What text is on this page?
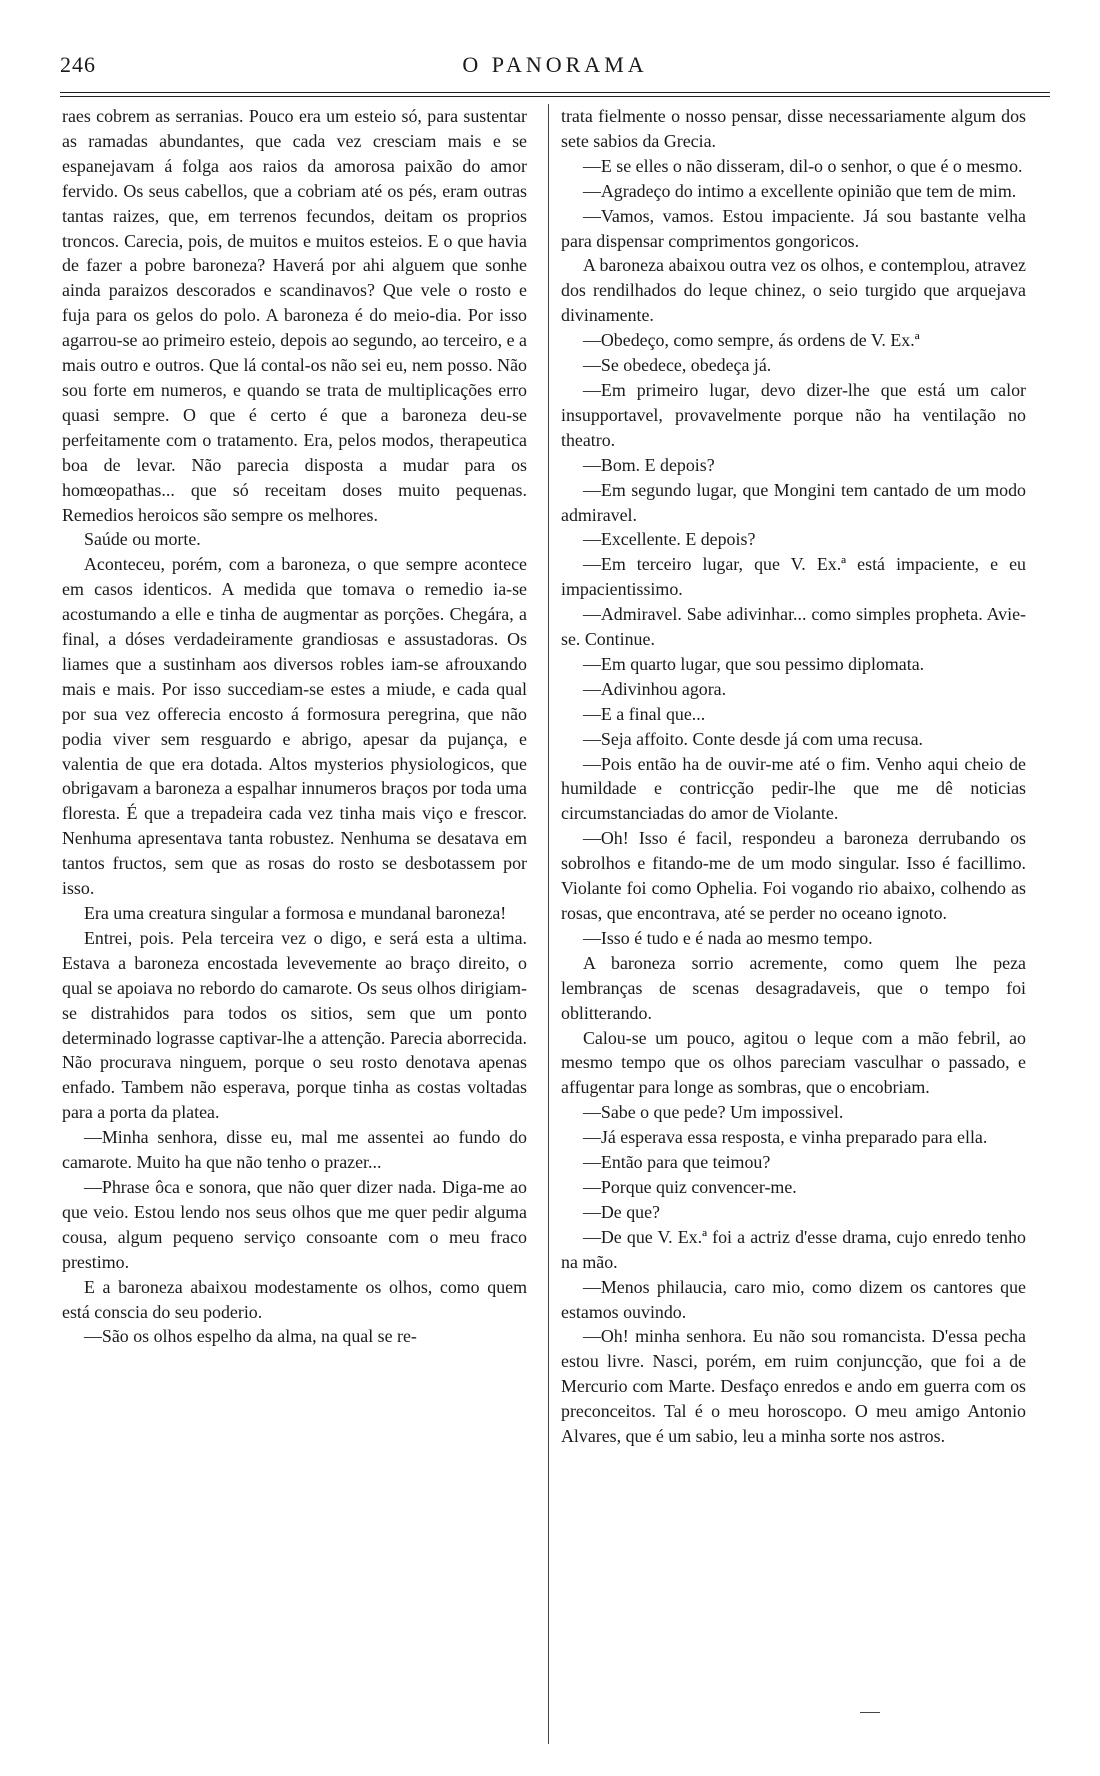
246	O PANORAMA

raes cobrem as serranias. Pouco era um esteio só, para sustentar as ramadas abundantes, que cada vez cresciam mais e se espanejavam á folga aos raios da amorosa paixão do amor fervido. Os seus cabellos, que a cobriam até os pés, eram outras tantas raizes, que, em terrenos fecundos, deitam os proprios troncos. Carecia, pois, de muitos e muitos esteios. E o que havia de fazer a pobre baroneza? Haverá por ahi alguem que sonhe ainda paraizos descorados e scandinavos? Que vele o rosto e fuja para os gelos do polo. A baroneza é do meio-dia. Por isso agarrou-se ao primeiro esteio, depois ao segundo, ao terceiro, e a mais outro e outros. Que lá contal-os não sei eu, nem posso. Não sou forte em numeros, e quando se trata de multiplicações erro quasi sempre. O que é certo é que a baroneza deu-se perfeitamente com o tratamento. Era, pelos modos, therapeutica boa de levar. Não parecia disposta a mudar para os homœopathas... que só receitam doses muito pequenas. Remedios heroicos são sempre os melhores.

Saúde ou morte.

Aconteceu, porém, com a baroneza, o que sempre acontece em casos identicos. A medida que tomava o remedio ia-se acostumando a elle e tinha de augmentar as porções. Chegára, a final, a dóses verdadeiramente grandiosas e assustadoras. Os liames que a sustinham aos diversos robles iam-se afrouxando mais e mais. Por isso succediam-se estes a miude, e cada qual por sua vez offerecia encosto á formosura peregrina, que não podia viver sem resguardo e abrigo, apesar da pujança, e valentia de que era dotada. Altos mysterios physiologicos, que obrigavam a baroneza a espalhar innumeros braços por toda uma floresta. É que a trepadeira cada vez tinha mais viço e frescor. Nenhuma apresentava tanta robustez. Nenhuma se desatava em tantos fructos, sem que as rosas do rosto se desbotassem por isso.

Era uma creatura singular a formosa e mundanal baroneza!

Entrei, pois. Pela terceira vez o digo, e será esta a ultima. Estava a baroneza encostada levevemente ao braço direito, o qual se apoiava no rebordo do camarote. Os seus olhos dirigiam-se distrahidos para todos os sitios, sem que um ponto determinado lograsse captivar-lhe a attenção. Parecia aborrecida. Não procurava ninguem, porque o seu rosto denotava apenas enfado. Tambem não esperava, porque tinha as costas voltadas para a porta da platea.

—Minha senhora, disse eu, mal me assentei ao fundo do camarote. Muito ha que não tenho o prazer...

—Phrase ôca e sonora, que não quer dizer nada. Diga-me ao que veio. Estou lendo nos seus olhos que me quer pedir alguma cousa, algum pequeno serviço consoante com o meu fraco prestimo.

E a baroneza abaixou modestamente os olhos, como quem está conscia do seu poderio.

—São os olhos espelho da alma, na qual se re-

trata fielmente o nosso pensar, disse necessariamente algum dos sete sabios da Grecia.

—E se elles o não disseram, dil-o o senhor, o que é o mesmo.

—Agradeço do intimo a excellente opinião que tem de mim.

—Vamos, vamos. Estou impaciente. Já sou bastante velha para dispensar comprimentos gongoricos.

A baroneza abaixou outra vez os olhos, e contemplou, atravez dos rendilhados do leque chinez, o seio turgido que arquejava divinamente.

—Obedeço, como sempre, ás ordens de V. Ex.ª

—Se obedece, obedeça já.

—Em primeiro lugar, devo dizer-lhe que está um calor insupportavel, provavelmente porque não ha ventilação no theatro.

—Bom. E depois?

—Em segundo lugar, que Mongini tem cantado de um modo admiravel.

—Excellente. E depois?

—Em terceiro lugar, que V. Ex.ª está impaciente, e eu impacientissimo.

—Admiravel. Sabe adivinhar... como simples propheta. Avie-se. Continue.

—Em quarto lugar, que sou pessimo diplomata.

—Adivinhou agora.

—E a final que...

—Seja affoito. Conte desde já com uma recusa.

—Pois então ha de ouvir-me até o fim. Venho aqui cheio de humildade e contricção pedir-lhe que me dê noticias circumstanciadas do amor de Violante.

—Oh! Isso é facil, respondeu a baroneza derrubando os sobrolhos e fitando-me de um modo singular. Isso é facillimo. Violante foi como Ophelia. Foi vogando rio abaixo, colhendo as rosas, que encontrava, até se perder no oceano ignoto.

—Isso é tudo e é nada ao mesmo tempo.

A baroneza sorrio acremente, como quem lhe peza lembranças de scenas desagradaveis, que o tempo foi oblitterando.

Calou-se um pouco, agitou o leque com a mão febril, ao mesmo tempo que os olhos pareciam vasculhar o passado, e affugentar para longe as sombras, que o encobriam.

—Sabe o que pede? Um impossivel.

—Já esperava essa resposta, e vinha preparado para ella.

—Então para que teimou?

—Porque quiz convencer-me.

—De que?

—De que V. Ex.ª foi a actriz d'esse drama, cujo enredo tenho na mão.

—Menos philaucia, caro mio, como dizem os cantores que estamos ouvindo.

—Oh! minha senhora. Eu não sou romancista. D'essa pecha estou livre. Nasci, porém, em ruim conjuncção, que foi a de Mercurio com Marte. Desfaço enredos e ando em guerra com os preconceitos. Tal é o meu horoscopo. O meu amigo Antonio Alvares, que é um sabio, leu a minha sorte nos astros.
